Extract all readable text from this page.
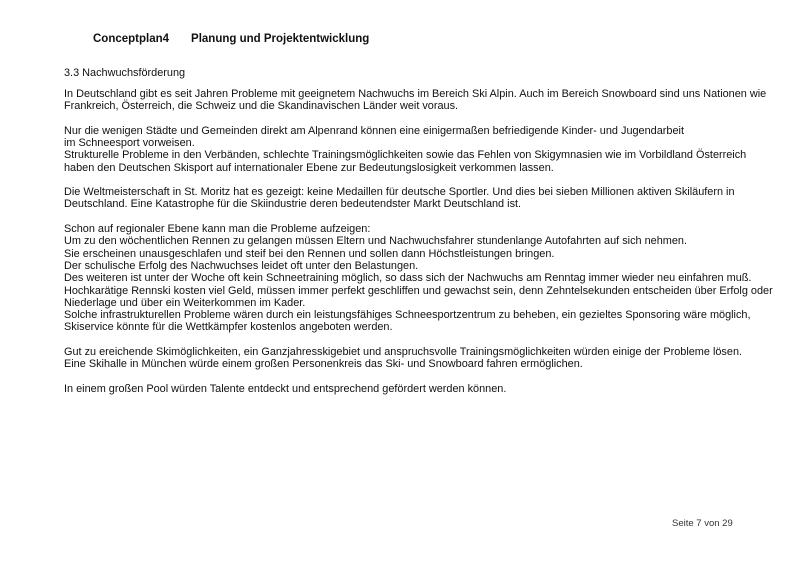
Conceptplan4 Planung und Projektentwicklung
3.3 Nachwuchsförderung
In Deutschland gibt es seit Jahren Probleme mit geeignetem Nachwuchs im Bereich Ski Alpin. Auch im Bereich Snowboard sind uns Nationen wie
Frankreich, Österreich, die Schweiz und die Skandinavischen Länder weit voraus.
Nur die wenigen Städte und Gemeinden direkt am Alpenrand können eine einigermaßen befriedigende Kinder- und Jugendarbeit
im Schneesport vorweisen.
Strukturelle Probleme in den Verbänden, schlechte Trainingsmöglichkeiten sowie das Fehlen von Skigymnasien wie im Vorbildland Österreich
haben den Deutschen Skisport auf internationaler Ebene zur Bedeutungslosigkeit verkommen lassen.
Die Weltmeisterschaft in St. Moritz hat es gezeigt: keine Medaillen für deutsche Sportler. Und dies bei sieben Millionen aktiven Skiläufern in
Deutschland. Eine Katastrophe für die Skiindustrie deren bedeutendster Markt Deutschland ist.
Schon auf regionaler Ebene kann man die Probleme aufzeigen:
Um zu den wöchentlichen Rennen zu gelangen müssen Eltern und Nachwuchsfahrer stundenlange Autofahrten auf sich nehmen.
Sie erscheinen unausgeschlafen und steif bei den Rennen und sollen dann Höchstleistungen bringen.
Der schulische Erfolg des Nachwuchses leidet oft unter den Belastungen.
Des weiteren ist unter der Woche oft kein Schneetraining möglich, so dass sich der Nachwuchs am Renntag immer wieder neu einfahren muß.
Hochkarätige Rennski kosten viel Geld, müssen immer perfekt geschliffen und gewachst sein, denn Zehntelsekunden entscheiden über Erfolg oder
Niederlage und über ein Weiterkommen im Kader.
Solche infrastrukturellen Probleme wären durch ein leistungsfähiges Schneesportzentrum zu beheben, ein gezieltes Sponsoring wäre möglich,
Skiservice könnte für die Wettkämpfer kostenlos angeboten werden.
Gut zu ereichende Skimöglichkeiten, ein Ganzjahresskigebiet und anspruchsvolle Trainingsmöglichkeiten würden einige der Probleme lösen.
Eine Skihalle in München würde einem großen Personenkreis das Ski- und Snowboard fahren ermöglichen.
In einem großen Pool würden Talente entdeckt und entsprechend gefördert werden können.
Seite 7 von 29
